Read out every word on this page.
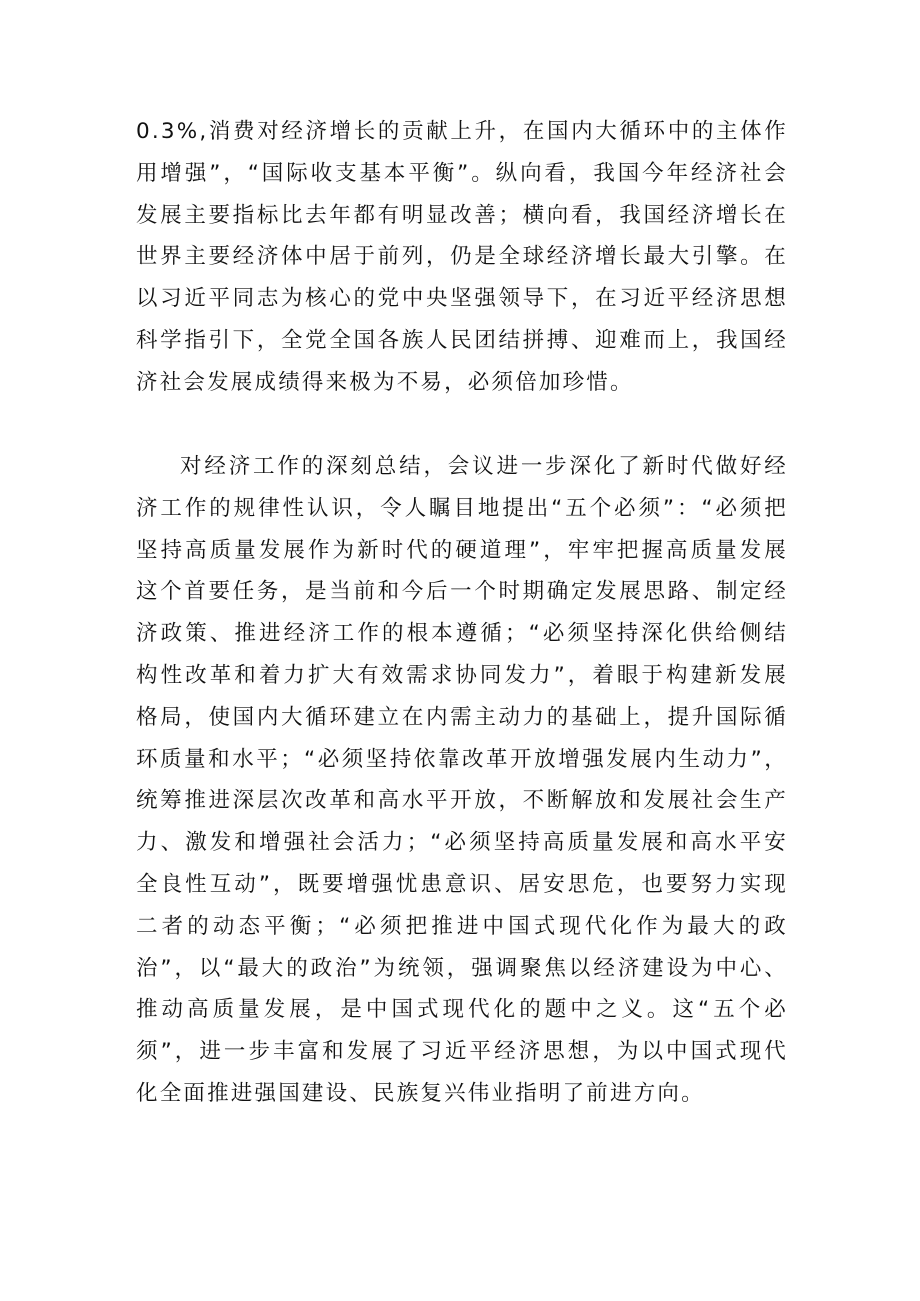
0.3%,消费对经济增长的贡献上升，在国内大循环中的主体作用增强”，“国际收支基本平衡”。纵向看，我国今年经济社会发展主要指标比去年都有明显改善；横向看，我国经济增长在世界主要经济体中居于前列，仍是全球经济增长最大引擎。在以习近平同志为核心的党中央坚强领导下，在习近平经济思想科学指引下，全党全国各族人民团结拼搏、迎难而上，我国经济社会发展成绩得来极为不易，必须倍加珍惜。

对经济工作的深刻总结，会议进一步深化了新时代做好经济工作的规律性认识，令人瞩目地提出“五个必须”：“必须把坚持高质量发展作为新时代的硬道理”，牢牢把握高质量发展这个首要任务，是当前和今后一个时期确定发展思路、制定经济政策、推进经济工作的根本遵循；“必须坚持深化供给侧结构性改革和着力扩大有效需求协同发力”，着眼于构建新发展格局，使国内大循环建立在内需主动力的基础上，提升国际循环质量和水平；“必须坚持依靠改革开放增强发展内生动力”，统筹推进深层次改革和高水平开放，不断解放和发展社会生产力、激发和增强社会活力；“必须坚持高质量发展和高水平安全良性互动”，既要增强忧患意识、居安思危，也要努力实现二者的动态平衡；“必须把推进中国式现代化作为最大的政治”，以“最大的政治”为统领，强调聚焦以经济建设为中心、推动高质量发展，是中国式现代化的题中之义。这“五个必须”，进一步丰富和发展了习近平经济思想，为以中国式现代化全面推进强国建设、民族复兴伟业指明了前进方向。
